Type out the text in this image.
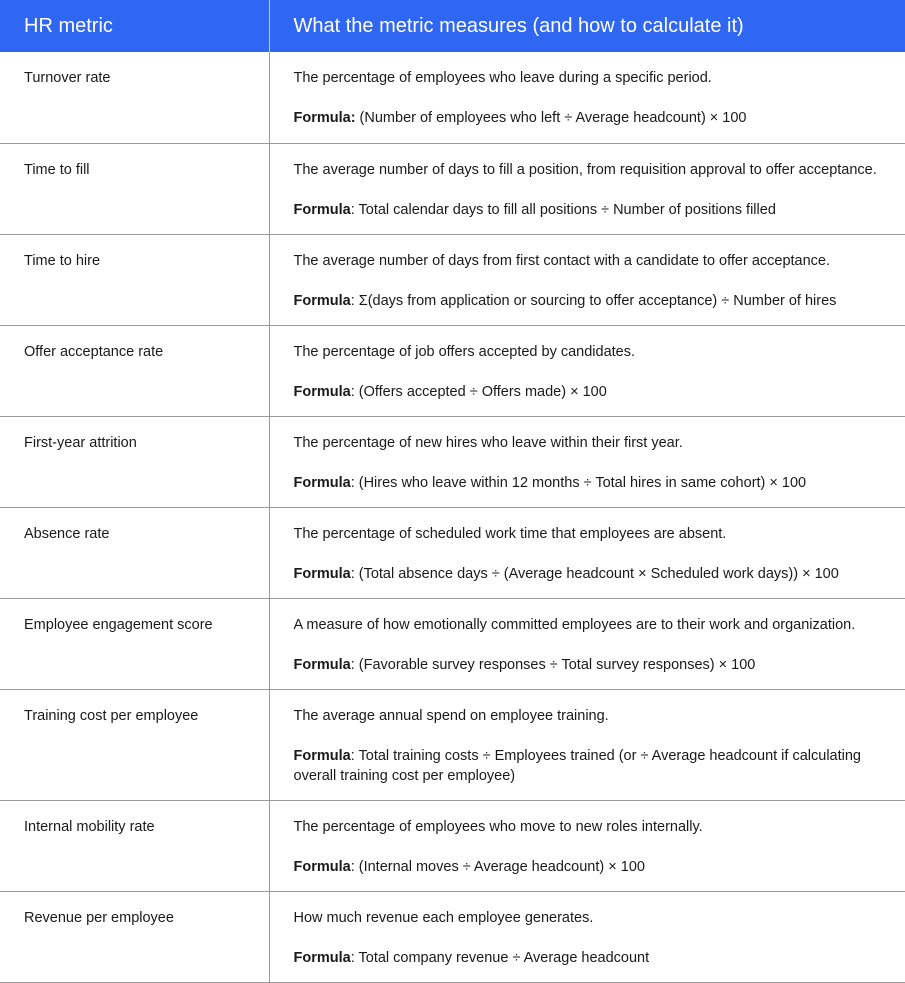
HR metric	What the metric measures (and how to calculate it)
Turnover rate	The percentage of employees who leave during a specific period.

Formula: (Number of employees who left ÷ Average headcount) × 100

Time to fill	The average number of days to fill a position, from requisition approval to offer acceptance.

Formula: Total calendar days to fill all positions ÷ Number of positions filled

Time to hire	The average number of days from first contact with a candidate to offer acceptance.

Formula: Σ(days from application or sourcing to offer acceptance) ÷ Number of hires

Offer acceptance rate	The percentage of job offers accepted by candidates.

Formula: (Offers accepted ÷ Offers made) × 100

First-year attrition	The percentage of new hires who leave within their first year.

Formula: (Hires who leave within 12 months ÷ Total hires in same cohort) × 100

Absence rate	The percentage of scheduled work time that employees are absent.

Formula: (Total absence days ÷ (Average headcount × Scheduled work days)) × 100

Employee engagement score	A measure of how emotionally committed employees are to their work and organization.

Formula: (Favorable survey responses ÷ Total survey responses) × 100

Training cost per employee	The average annual spend on employee training.

Formula: Total training costs ÷ Employees trained (or ÷ Average headcount if calculating overall training cost per employee)

Internal mobility rate	The percentage of employees who move to new roles internally.

Formula: (Internal moves ÷ Average headcount) × 100

Revenue per employee	How much revenue each employee generates.

Formula: Total company revenue ÷ Average headcount
